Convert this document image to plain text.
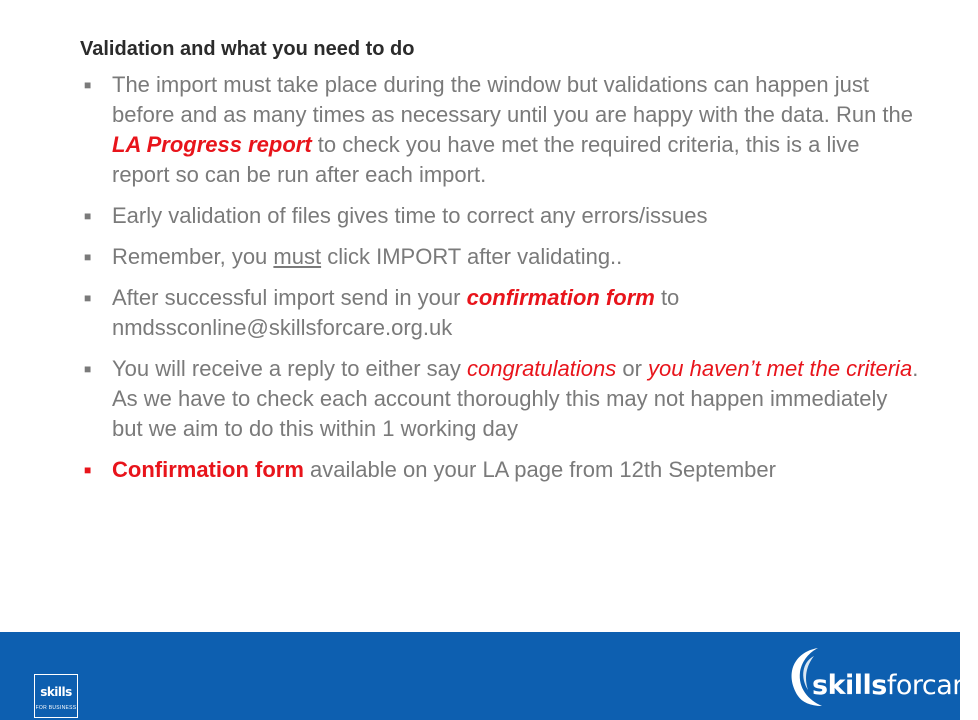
Validation and what you need to do
■ The import must take place during the window but validations can happen just before and as many times as necessary until you are happy with the data. Run the LA Progress report to check you have met the required criteria, this is a live report so can be run after each import.
■ Early validation of files gives time to correct any errors/issues
■ Remember, you must click IMPORT after validating..
■ After successful import send in your confirmation form to nmdssconline@skillsforcare.org.uk
■ You will receive a reply to either say congratulations or you haven’t met the criteria. As we have to check each account thoroughly this may not happen immediately but we aim to do this within 1 working day
■ Confirmation form available on your LA page from 12th September
skills
FOR BUSINESS
skillsforcare
